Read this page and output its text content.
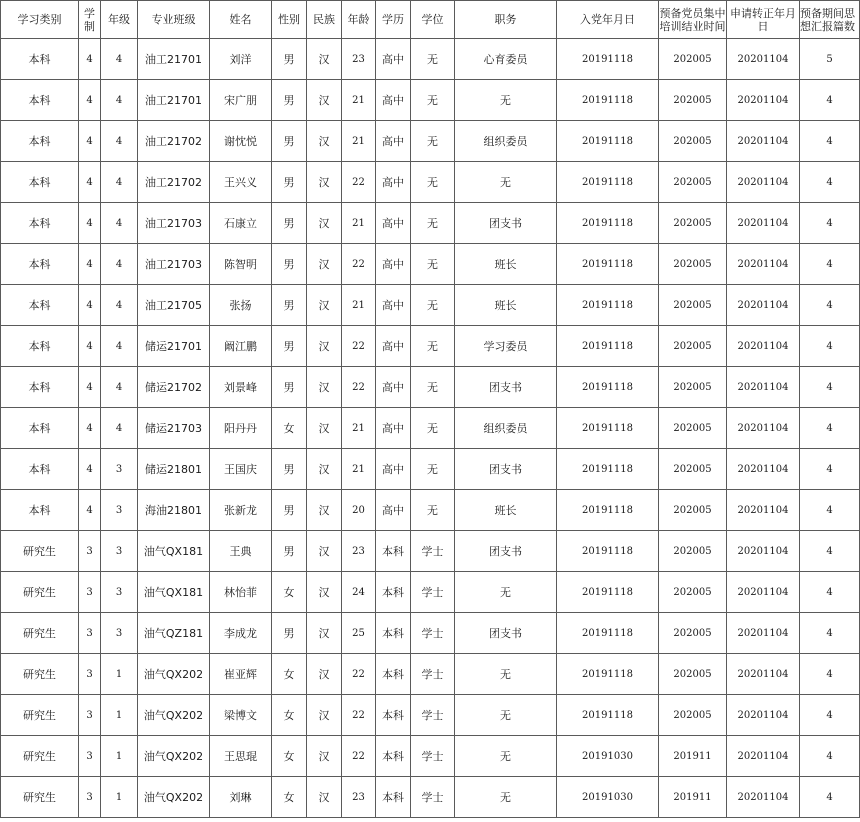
学习类别	学制	年级	专业班级	姓名	性别	民族	年龄	学历	学位	职务	入党年月日	预备党员集中培训结业时间	申请转正年月日	预备期间思想汇报篇数
本科	4	4	油工21701	刘洋	男	汉	23	高中	无	心育委员	20191118	202005	20201104	5
本科	4	4	油工21701	宋广朋	男	汉	21	高中	无	无	20191118	202005	20201104	4
本科	4	4	油工21702	谢忱悦	男	汉	21	高中	无	组织委员	20191118	202005	20201104	4
本科	4	4	油工21702	王兴义	男	汉	22	高中	无	无	20191118	202005	20201104	4
本科	4	4	油工21703	石康立	男	汉	21	高中	无	团支书	20191118	202005	20201104	4
本科	4	4	油工21703	陈智明	男	汉	22	高中	无	班长	20191118	202005	20201104	4
本科	4	4	油工21705	张扬	男	汉	21	高中	无	班长	20191118	202005	20201104	4
本科	4	4	储运21701	阚江鹏	男	汉	22	高中	无	学习委员	20191118	202005	20201104	4
本科	4	4	储运21702	刘景峰	男	汉	22	高中	无	团支书	20191118	202005	20201104	4
本科	4	4	储运21703	阳丹丹	女	汉	21	高中	无	组织委员	20191118	202005	20201104	4
本科	4	3	储运21801	王国庆	男	汉	21	高中	无	团支书	20191118	202005	20201104	4
本科	4	3	海油21801	张新龙	男	汉	20	高中	无	班长	20191118	202005	20201104	4
研究生	3	3	油气QX181	王典	男	汉	23	本科	学士	团支书	20191118	202005	20201104	4
研究生	3	3	油气QX181	林怡菲	女	汉	24	本科	学士	无	20191118	202005	20201104	4
研究生	3	3	油气QZ181	李成龙	男	汉	25	本科	学士	团支书	20191118	202005	20201104	4
研究生	3	1	油气QX202	崔亚辉	女	汉	22	本科	学士	无	20191118	202005	20201104	4
研究生	3	1	油气QX202	梁博文	女	汉	22	本科	学士	无	20191118	202005	20201104	4
研究生	3	1	油气QX202	王思琨	女	汉	22	本科	学士	无	20191030	201911	20201104	4
研究生	3	1	油气QX202	刘琳	女	汉	23	本科	学士	无	20191030	201911	20201104	4
